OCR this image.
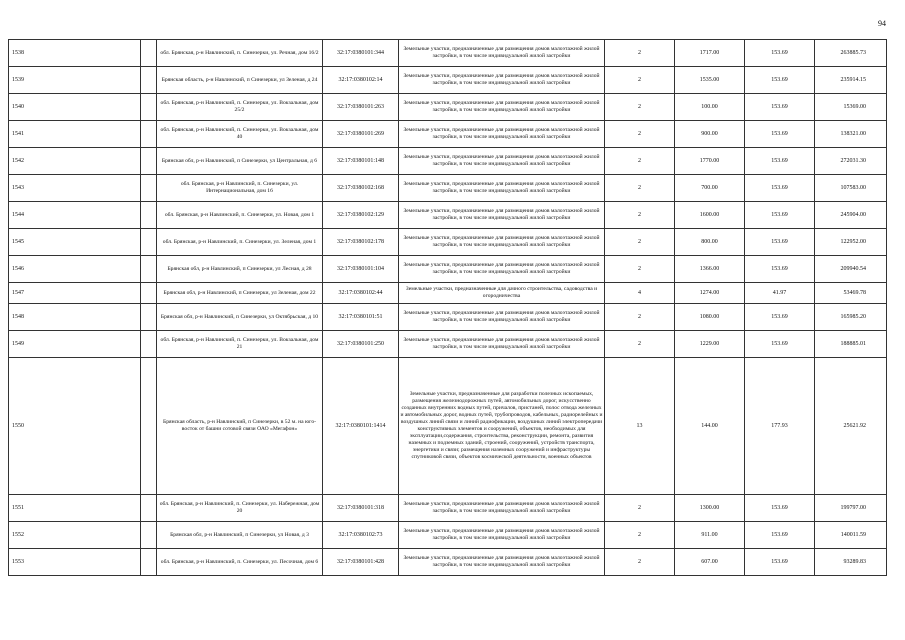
94
1538		обл. Брянская, р-н Навлинский, п. Синезерки, ул. Речная, дом 16/2	32:17:0380101:344	Земельные участки, предназначенные для размещения домов малоэтажной жилой застройки, в том числе индивидуальной жилой застройки	2	1717.00	153.69	263885.73
1539		Брянская область, р-н Навлинский, п Синезерки, ул Зеленая, д 24	32:17:0380102:14	Земельные участки, предназначенные для размещения домов малоэтажной жилой застройки, в том числе индивидуальной жилой застройки	2	1535.00	153.69	235914.15
1540		обл. Брянская, р-н Навлинский, п. Синезерки, ул. Вокзальная, дом 25/2	32:17:0380101:263	Земельные участки, предназначенные для размещения домов малоэтажной жилой застройки, в том числе индивидуальной жилой застройки	2	100.00	153.69	15369.00
1541		обл. Брянская, р-н Навлинский, п. Синезерки, ул. Вокзальная, дом 40	32:17:0380101:269	Земельные участки, предназначенные для размещения домов малоэтажной жилой застройки, в том числе индивидуальной жилой застройки	2	900.00	153.69	138321.00
1542		Брянская обл, р-н Навлинский, п Синезерки, ул Центральная, д 6	32:17:0380101:148	Земельные участки, предназначенные для размещения домов малоэтажной жилой застройки, в том числе индивидуальной жилой застройки	2	1770.00	153.69	272031.30
1543		обл. Брянская, р-н Навлинский, п. Синезерки, ул. Интернациональная, дом 16	32:17:0380102:168	Земельные участки, предназначенные для размещения домов малоэтажной жилой застройки, в том числе индивидуальной жилой застройки	2	700.00	153.69	107583.00
1544		обл. Брянская, р-н Навлинский, п. Синезерки, ул. Новая, дом 1	32:17:0380102:129	Земельные участки, предназначенные для размещения домов малоэтажной жилой застройки, в том числе индивидуальной жилой застройки	2	1600.00	153.69	245904.00
1545		обл. Брянская, р-н Навлинский, п. Синезерки, ул. Зеленая, дом 1	32:17:0380102:178	Земельные участки, предназначенные для размещения домов малоэтажной жилой застройки, в том числе индивидуальной жилой застройки	2	800.00	153.69	122952.00
1546		Брянская обл, р-н Навлинский, п Синезерки, ул Лесная, д 28	32:17:0380101:104	Земельные участки, предназначенные для размещения домов малоэтажной жилой застройки, в том числе индивидуальной жилой застройки	2	1366.00	153.69	209940.54
1547		Брянская обл, р-н Навлинский, п Синезерки, ул Зеленая, дом 22	32:17:0380102:44	Земельные участки, предназначенные для дачного строительства, садоводства и огородничества	4	1274.00	41.97	53469.78
1548		Брянская обл, р-н Навлинский, п Синезерки, ул Октябрьская, д 10	32:17:0380101:51	Земельные участки, предназначенные для размещения домов малоэтажной жилой застройки, в том числе индивидуальной жилой застройки	2	1080.00	153.69	165985.20
1549		обл. Брянская, р-н Навлинский, п. Синезерки, ул. Вокзальная, дом 21	32:17:0380101:250	Земельные участки, предназначенные для размещения домов малоэтажной жилой застройки, в том числе индивидуальной жилой застройки	2	1229.00	153.69	188885.01
1550		Брянская область, р-н Навлинский, п Синезерки, в 52 м. на юго-восток от башни сотовой связи ОАО «Мегафон»	32:17:0380101:1414	Земельные участки, предназначенные для разработки полезных ископаемых, размещения железнодорожных путей, автомобильных дорог, искусственно созданных внутренних водных путей, причалов, пристаней, полос отвода железных и автомобильных дорог, водных путей, трубопроводов, кабельных, радиорелейных и воздушных линий связи и линий радиофикации, воздушных линий электропередачи конструктивных элементов и сооружений, объектов, необходимых для эксплуатации,содержания, строительства, реконструкции, ремонта, развития наземных и подземных зданий, строений, сооружений, устройств транспорта, энергетики и связи; размещения наземных сооружений и инфраструктуры спутниковой связи, объектов космической деятельности, военных объектов	13	144.00	177.93	25621.92
1551		обл. Брянская, р-н Навлинский, п. Синезерки, ул. Набережная, дом 20	32:17:0380101:318	Земельные участки, предназначенные для размещения домов малоэтажной жилой застройки, в том числе индивидуальной жилой застройки	2	1300.00	153.69	199797.00
1552		Брянская обл, р-н Навлинский, п Синезерки, ул Новая, д 3	32:17:0380102:73	Земельные участки, предназначенные для размещения домов малоэтажной жилой застройки, в том числе индивидуальной жилой застройки	2	911.00	153.69	140011.59
1553		обл. Брянская, р-н Навлинский, п. Синезерки, ул. Песочная, дом 6	32:17:0380101:428	Земельные участки, предназначенные для размещения домов малоэтажной жилой застройки, в том числе индивидуальной жилой застройки	2	607.00	153.69	93289.83
